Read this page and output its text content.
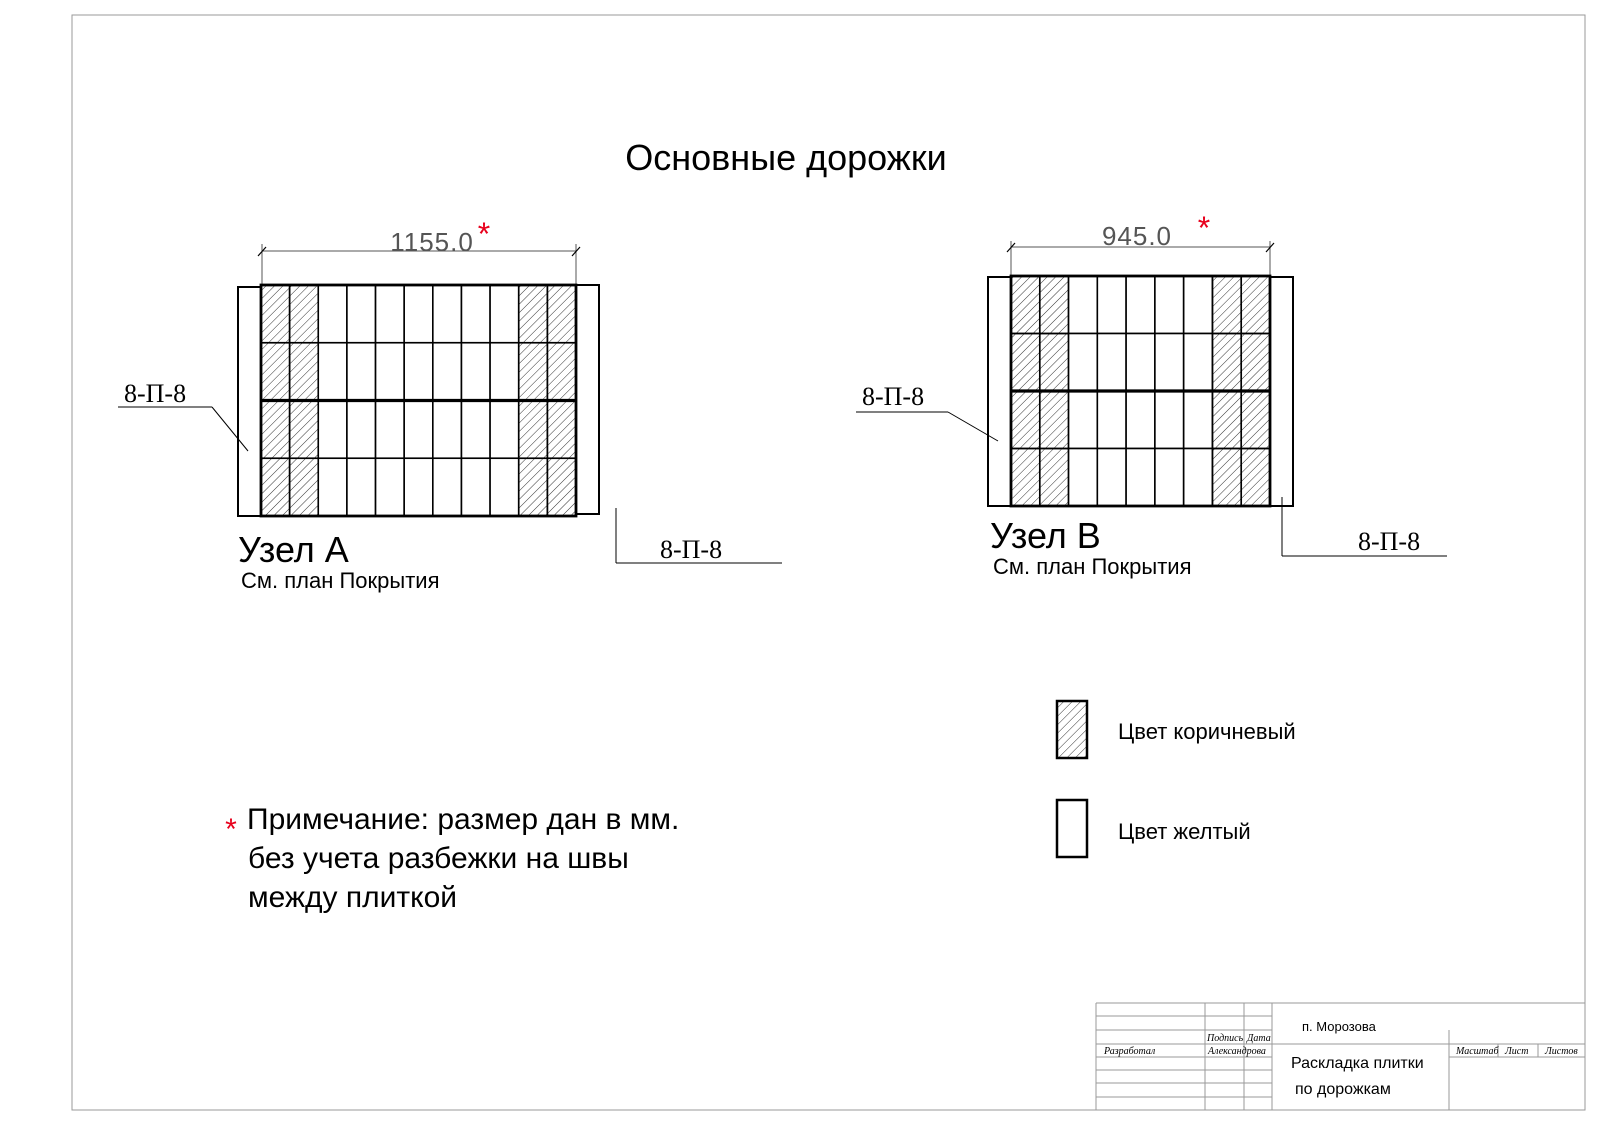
Основные дорожки
1155.0 *
8-П-8
8-П-8
Узел А
См. план Покрытия
945.0 *
8-П-8
8-П-8
Узел В
См. план Покрытия
Цвет коричневый
Цвет желтый
* Примечание: размер дан в мм.
без учета разбежки на швы
между плиткой
п. Морозова
Подпись Дата
Разработал	Александрова
Раскладка плитки
по дорожкам
Масштаб Лист Листов
